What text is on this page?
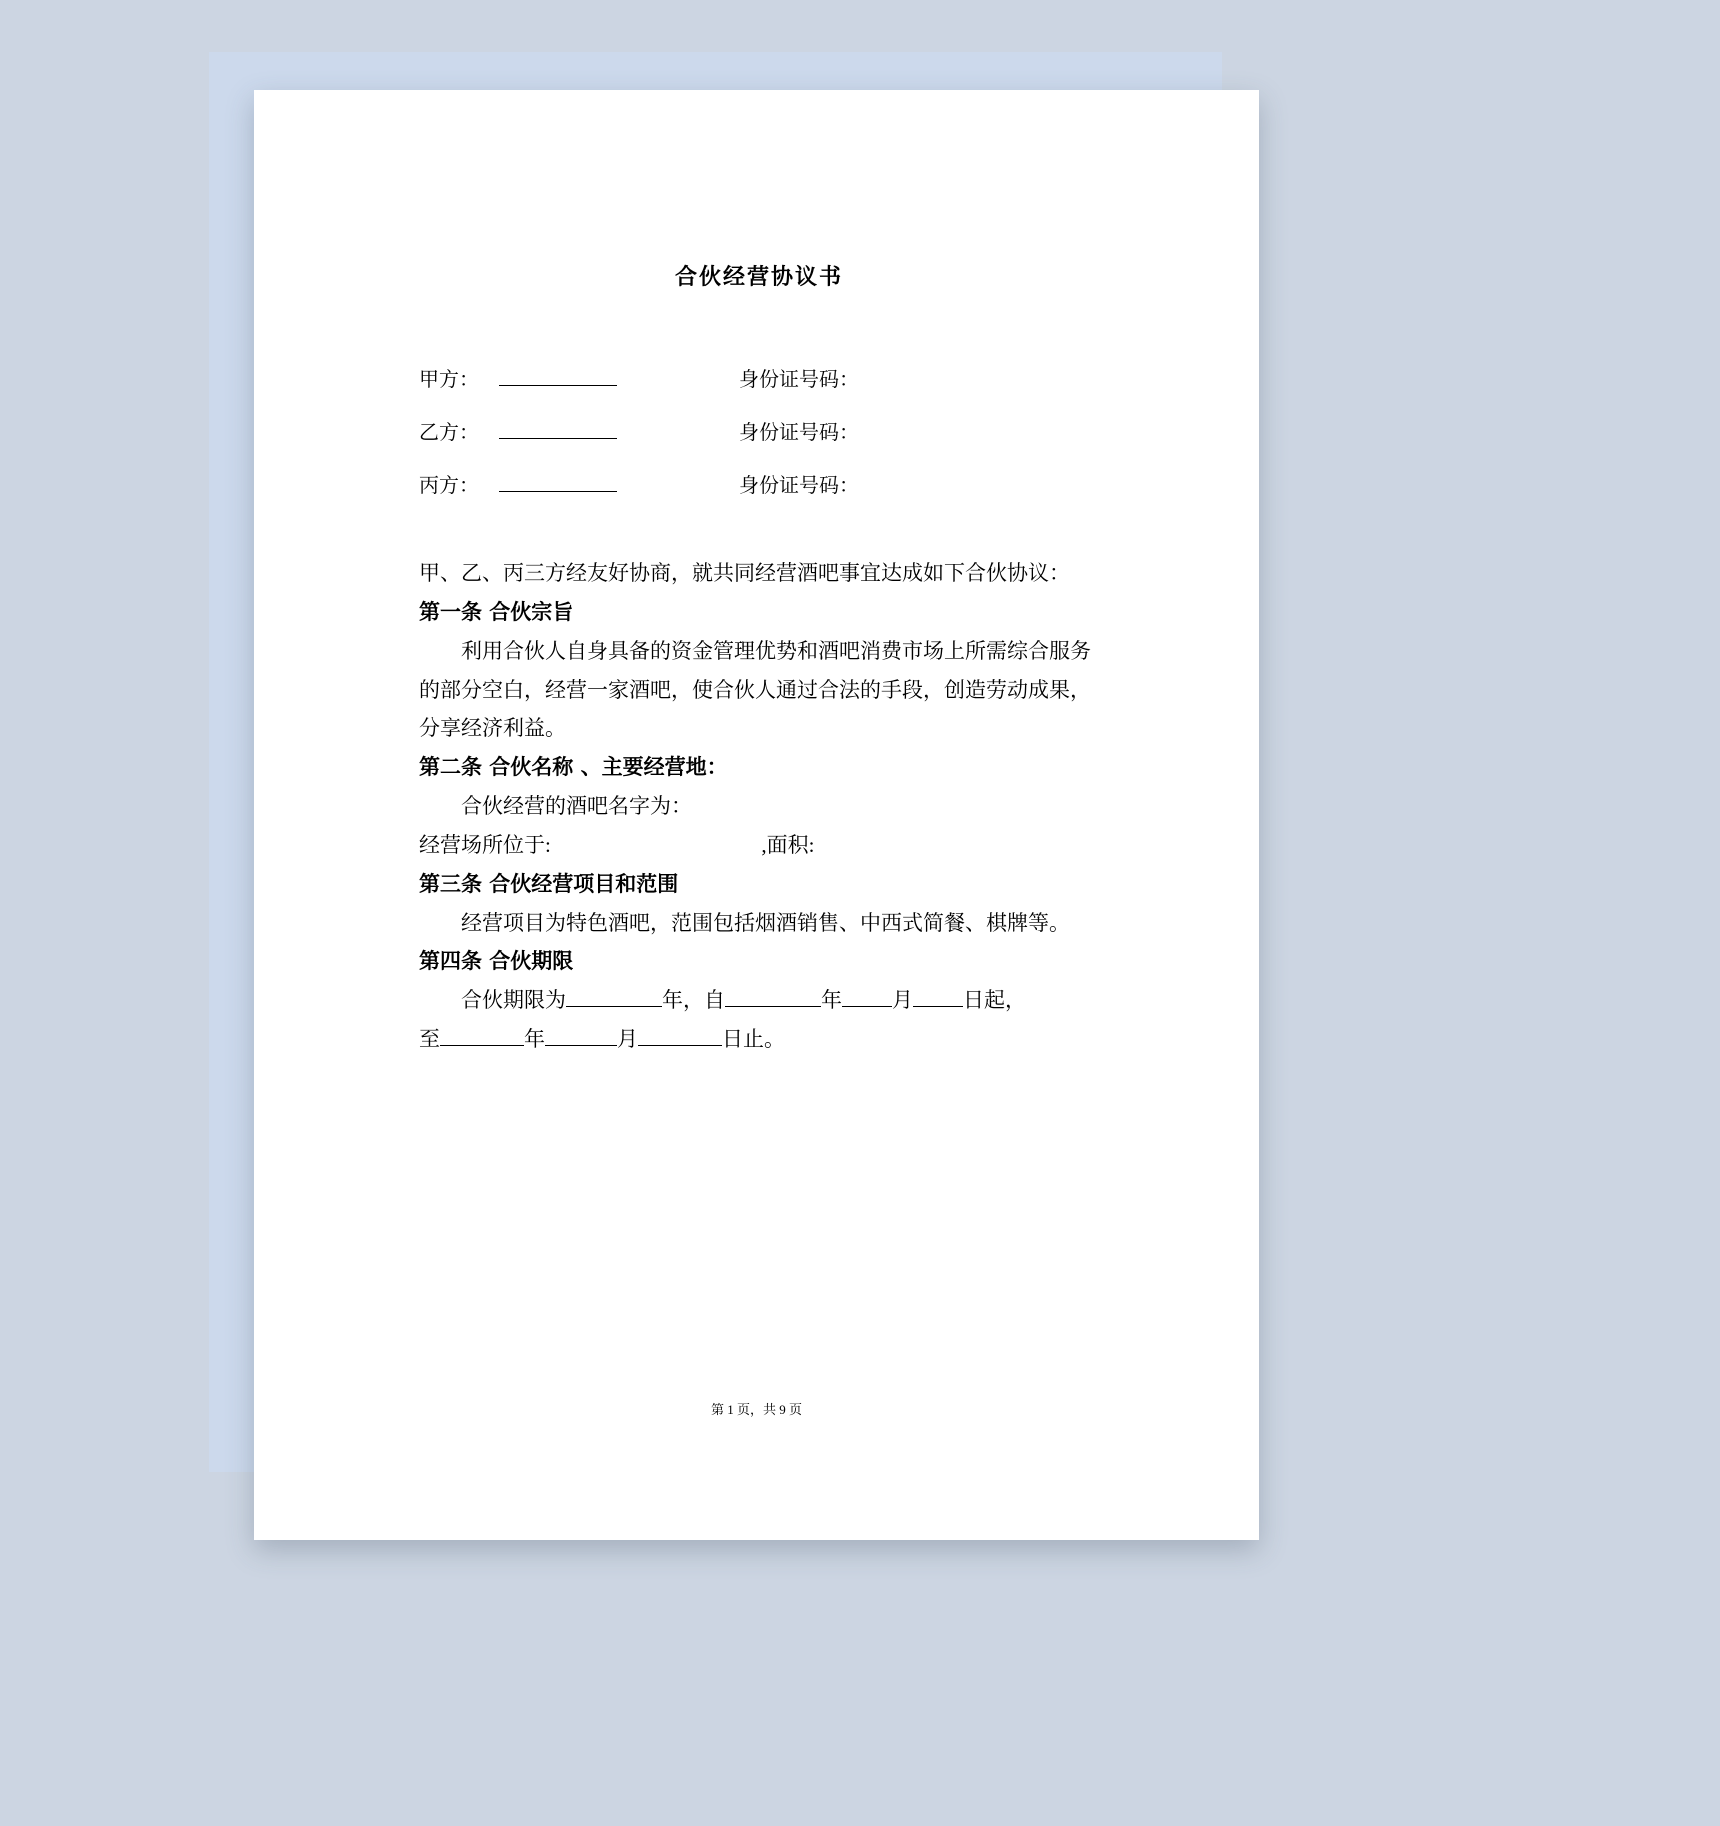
合伙经营协议书
甲方：	身份证号码：
乙方：	身份证号码：
丙方：	身份证号码：

甲、乙、丙三方经友好协商，就共同经营酒吧事宜达成如下合伙协议：

第一条 合伙宗旨

利用合伙人自身具备的资金管理优势和酒吧消费市场上所需综合服务的部分空白，经营一家酒吧，使合伙人通过合法的手段，创造劳动成果，分享经济利益。

第二条 合伙名称 、主要经营地：

合伙经营的酒吧名字为：

经营场所位于:	,面积:

第三条 合伙经营项目和范围

经营项目为特色酒吧，范围包括烟酒销售、中西式简餐、棋牌等。

第四条 合伙期限

合伙期限为	年，自	年 月 日起，

至	年	月	日止。

第 1 页，共 9 页
